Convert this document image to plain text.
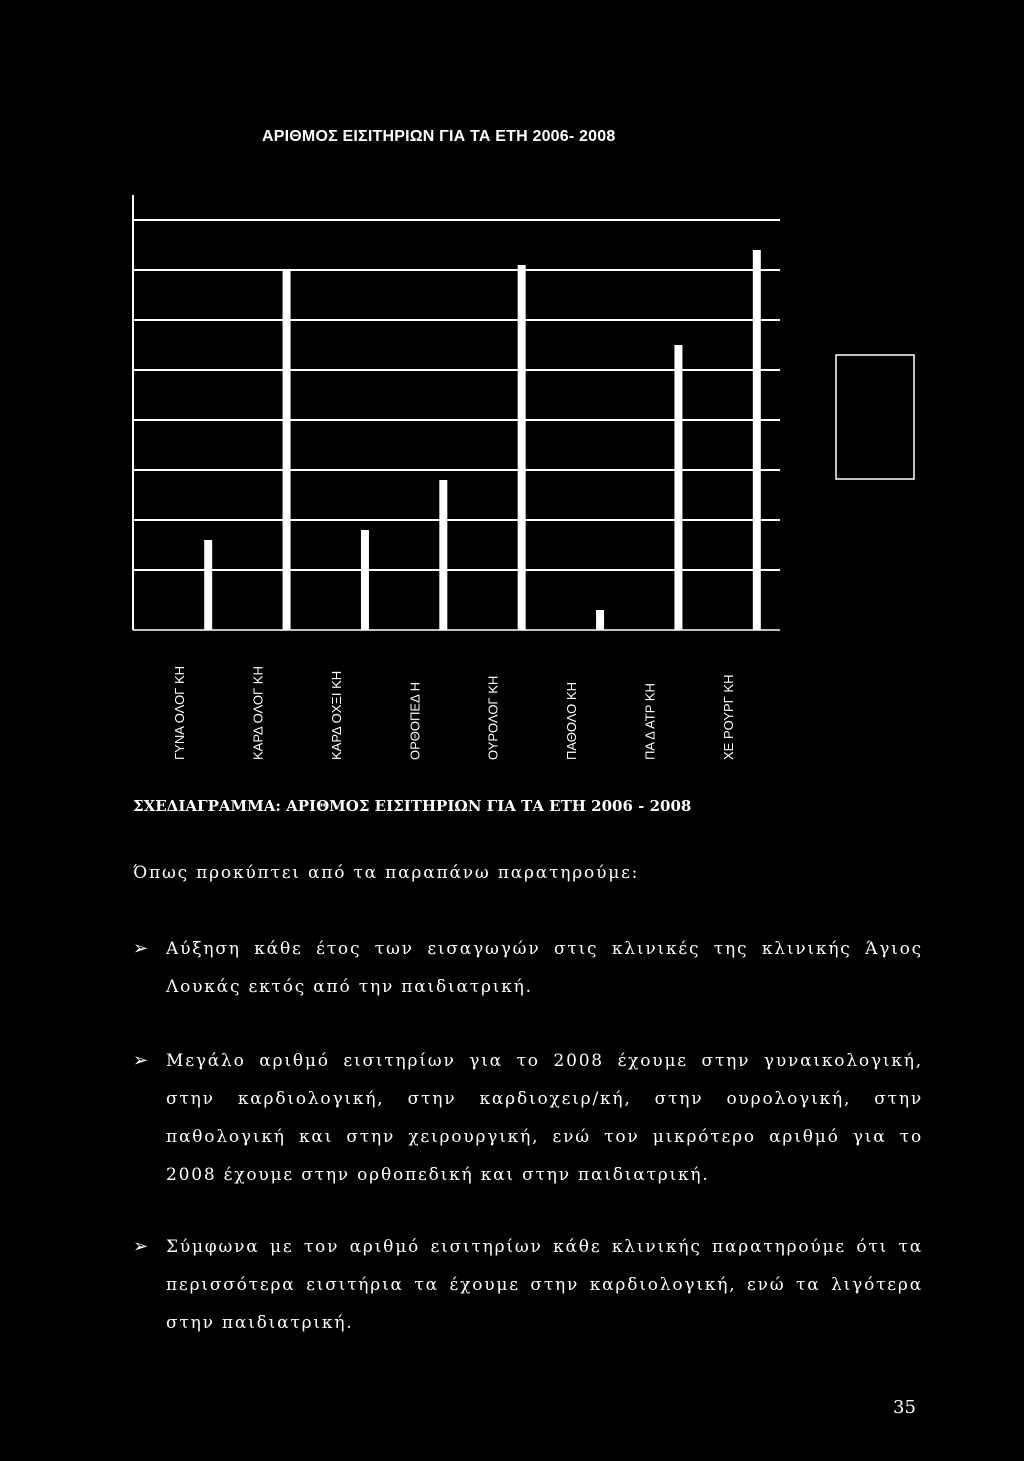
ΑΡΙΘΜΟΣ ΕΙΣΙΤΗΡΙΩΝ ΓΙΑ ΤΑ ΕΤΗ 2006- 2008
ΓΥΝΑ ΟΛΟΓ ΚΗ	ΚΑΡΔ ΟΛΟΓ ΚΗ	ΚΑΡΔ ΟΧΞΙ ΚΗ	ΟΡΘΟΠΕΔ Η	ΟΥΡΟΛΟΓ ΚΗ	ΠΑΘΟΛΟ ΚΗ	ΠΑ Δ ΑΤΡ ΚΗ	ΧΕ ΡΟΥΡΓ ΚΗ
ΣΧΕΔΙΑΓΡΑΜΜΑ: ΑΡΙΘΜΟΣ ΕΙΣΙΤΗΡΙΩΝ ΓΙΑ ΤΑ ΕΤΗ 2006 - 2008
Όπως προκύπτει από τα παραπάνω παρατηρούμε:
➢ Αύξηση κάθε έτος των εισαγωγών στις κλινικές της κλινικής Άγιος Λουκάς εκτός από την παιδιατρική.
➢ Μεγάλο αριθμό εισιτηρίων για το 2008 έχουμε στην γυναικολογική, στην καρδιολογική, στην καρδιοχειρ/κή, στην ουρολογική, στην παθολογική και στην χειρουργική, ενώ τον μικρότερο αριθμό για το 2008 έχουμε στην ορθοπεδική και στην παιδιατρική.
➢ Σύμφωνα με τον αριθμό εισιτηρίων κάθε κλινικής παρατηρούμε ότι τα περισσότερα εισιτήρια τα έχουμε στην καρδιολογική, ενώ τα λιγότερα στην παιδιατρική.
35
